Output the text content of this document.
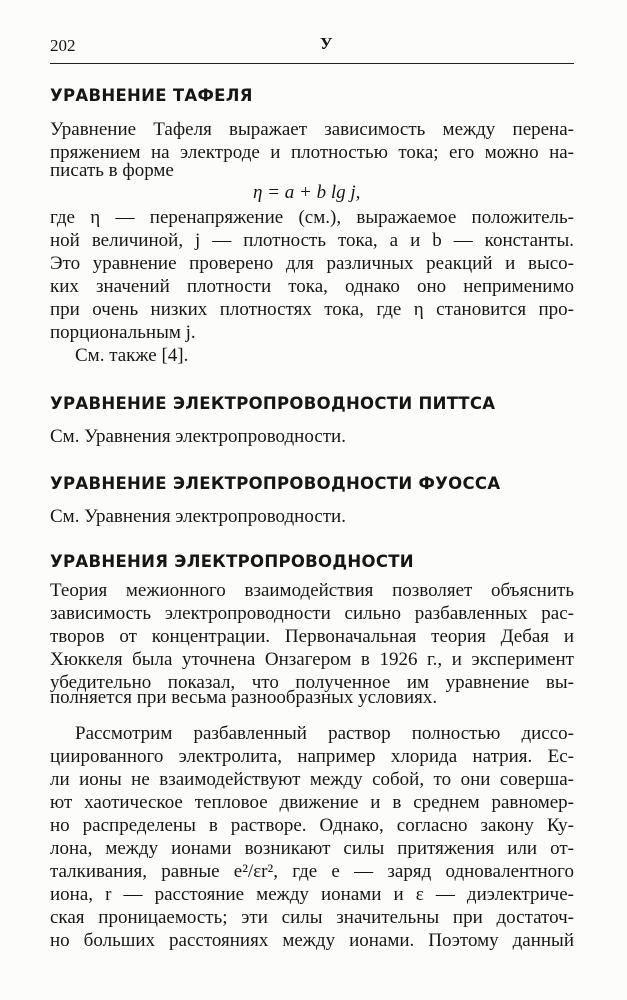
202	У
УРАВНЕНИЕ ТАФЕЛЯ
Уравнение Тафеля выражает зависимость между перена-
пряжением на электроде и плотностью тока; его можно на-
писать в форме
η = a + b lg j,
где η — перенапряжение (см.), выражаемое положитель-
ной величиной, j — плотность тока, a и b — константы.
Это уравнение проверено для различных реакций и высо-
ких значений плотности тока, однако оно неприменимо
при очень низких плотностях тока, где η становится про-
порциональным j.
См. также [4].
УРАВНЕНИЕ ЭЛЕКТРОПРОВОДНОСТИ ПИТТСА
См. Уравнения электропроводности.
УРАВНЕНИЕ ЭЛЕКТРОПРОВОДНОСТИ ФУОССА
См. Уравнения электропроводности.
УРАВНЕНИЯ ЭЛЕКТРОПРОВОДНОСТИ
Теория межионного взаимодействия позволяет объяснить
зависимость электропроводности сильно разбавленных рас-
творов от концентрации. Первоначальная теория Дебая и
Хюккеля была уточнена Онзагером в 1926 г., и эксперимент
убедительно показал, что полученное им уравнение вы-
полняется при весьма разнообразных условиях.
Рассмотрим разбавленный раствор полностью диссо-
циированного электролита, например хлорида натрия. Ес-
ли ионы не взаимодействуют между собой, то они соверша-
ют хаотическое тепловое движение и в среднем равномер-
но распределены в растворе. Однако, согласно закону Ку-
лона, между ионами возникают силы притяжения или от-
талкивания, равные e²/εr², где e — заряд одновалентного
иона, r — расстояние между ионами и ε — диэлектриче-
ская проницаемость; эти силы значительны при достаточ-
но больших расстояниях между ионами. Поэтому данный
